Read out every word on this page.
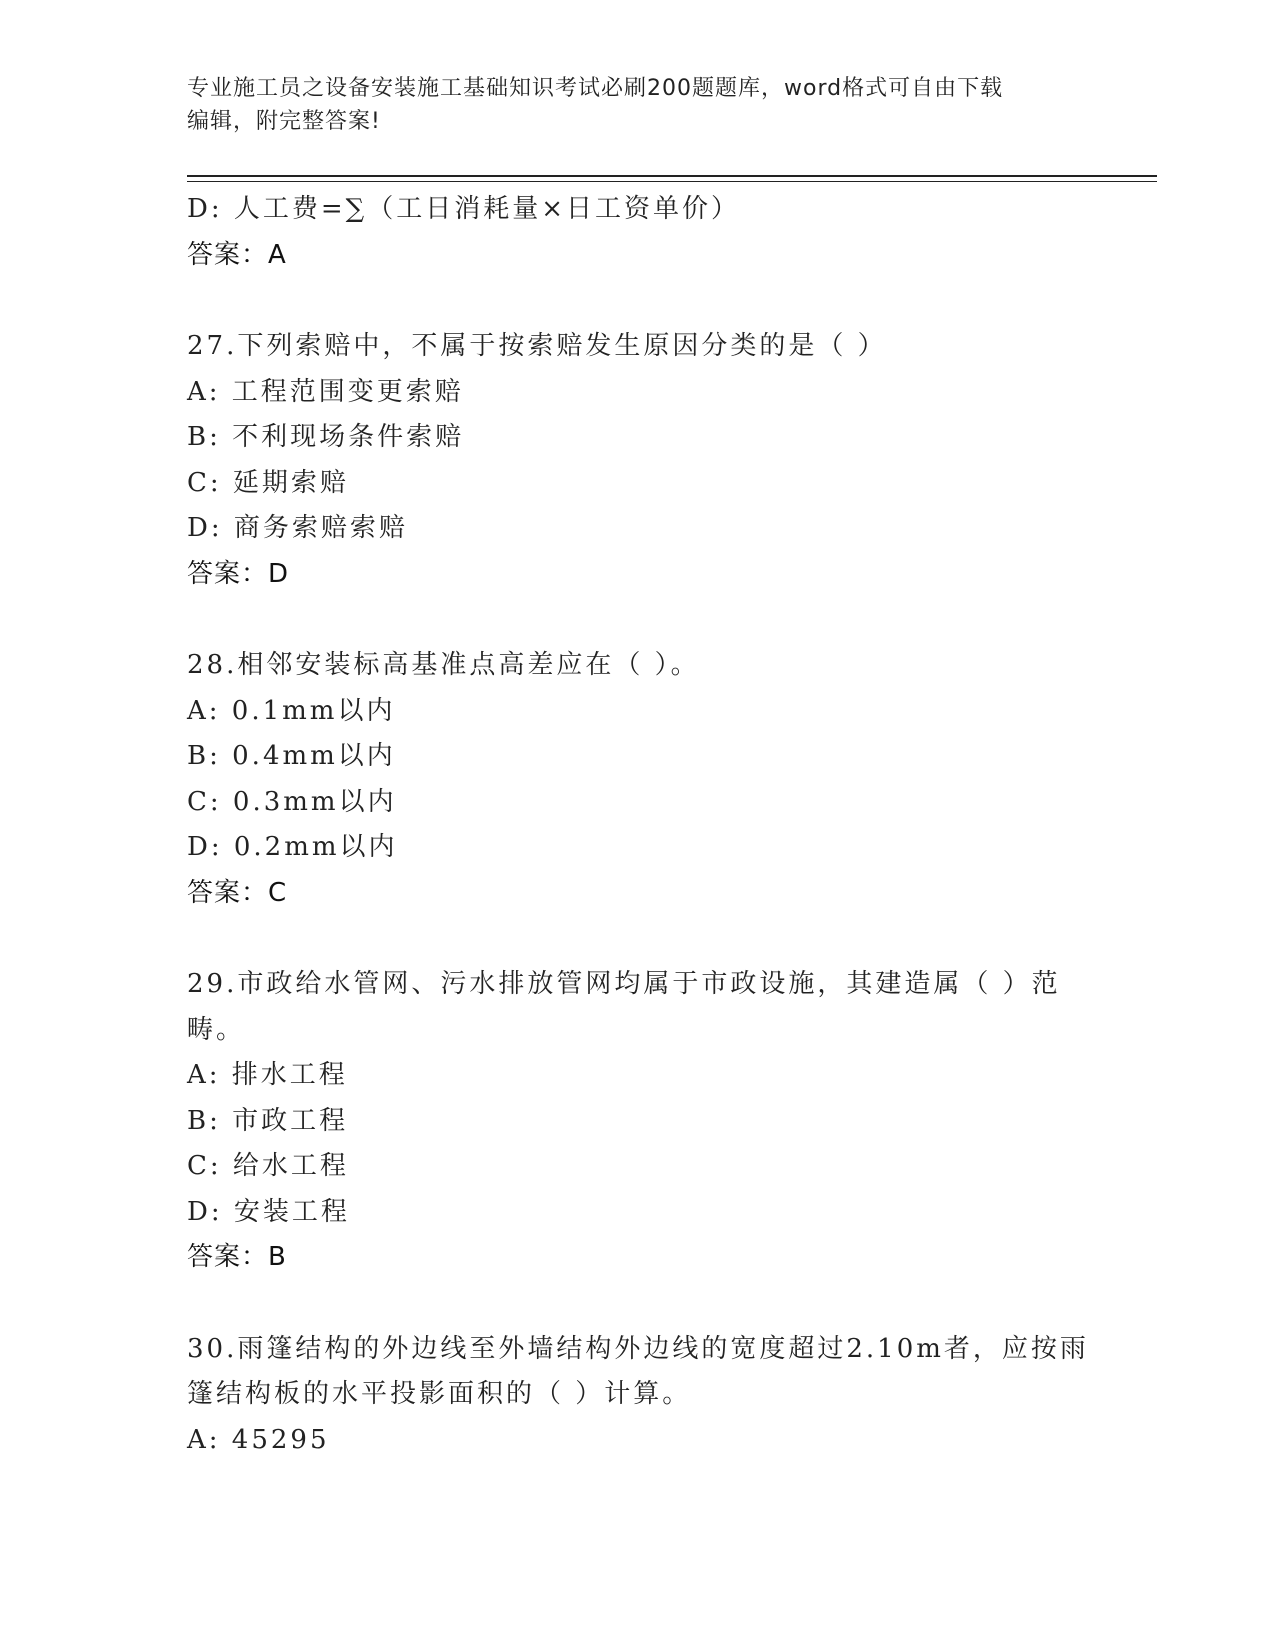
专业施工员之设备安装施工基础知识考试必刷200题题库，word格式可自由下载
编辑，附完整答案!
D: 人工费=∑（工日消耗量×日工资单价）
答案：A
27.下列索赔中，不属于按索赔发生原因分类的是（ ）
A: 工程范围变更索赔
B: 不利现场条件索赔
C: 延期索赔
D: 商务索赔索赔
答案：D
28.相邻安装标高基准点高差应在（ ）。
A: 0.1mm以内
B: 0.4mm以内
C: 0.3mm以内
D: 0.2mm以内
答案：C
29.市政给水管网、污水排放管网均属于市政设施，其建造属（ ）范
畴。
A: 排水工程
B: 市政工程
C: 给水工程
D: 安装工程
答案：B
30.雨篷结构的外边线至外墙结构外边线的宽度超过2.10m者，应按雨
篷结构板的水平投影面积的（ ）计算。
A: 45295
